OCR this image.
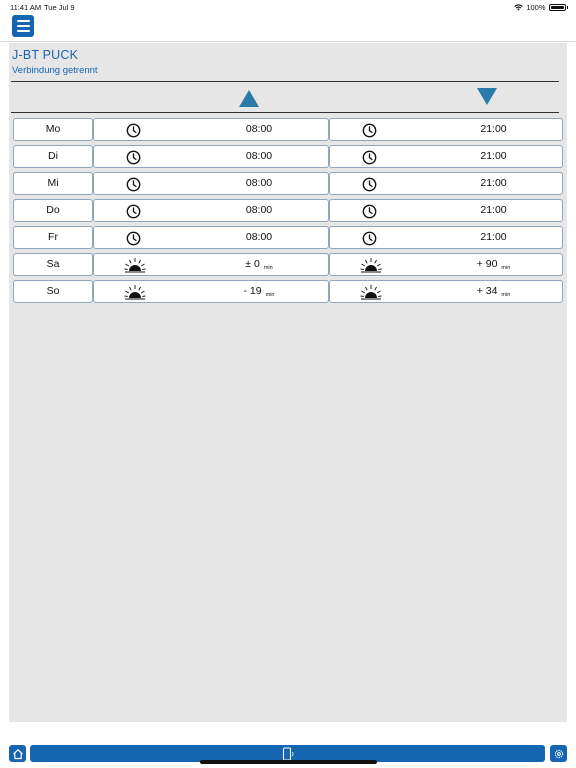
11:41 AM Tue Jul 9	100%
J-BT PUCK
Verbindung getrennt
Mo	08:00	21:00
Di	08:00	21:00
Mi	08:00	21:00
Do	08:00	21:00
Fr	08:00	21:00
Sa	± 0 min	+ 90 min
So	- 19 min	+ 34 min
